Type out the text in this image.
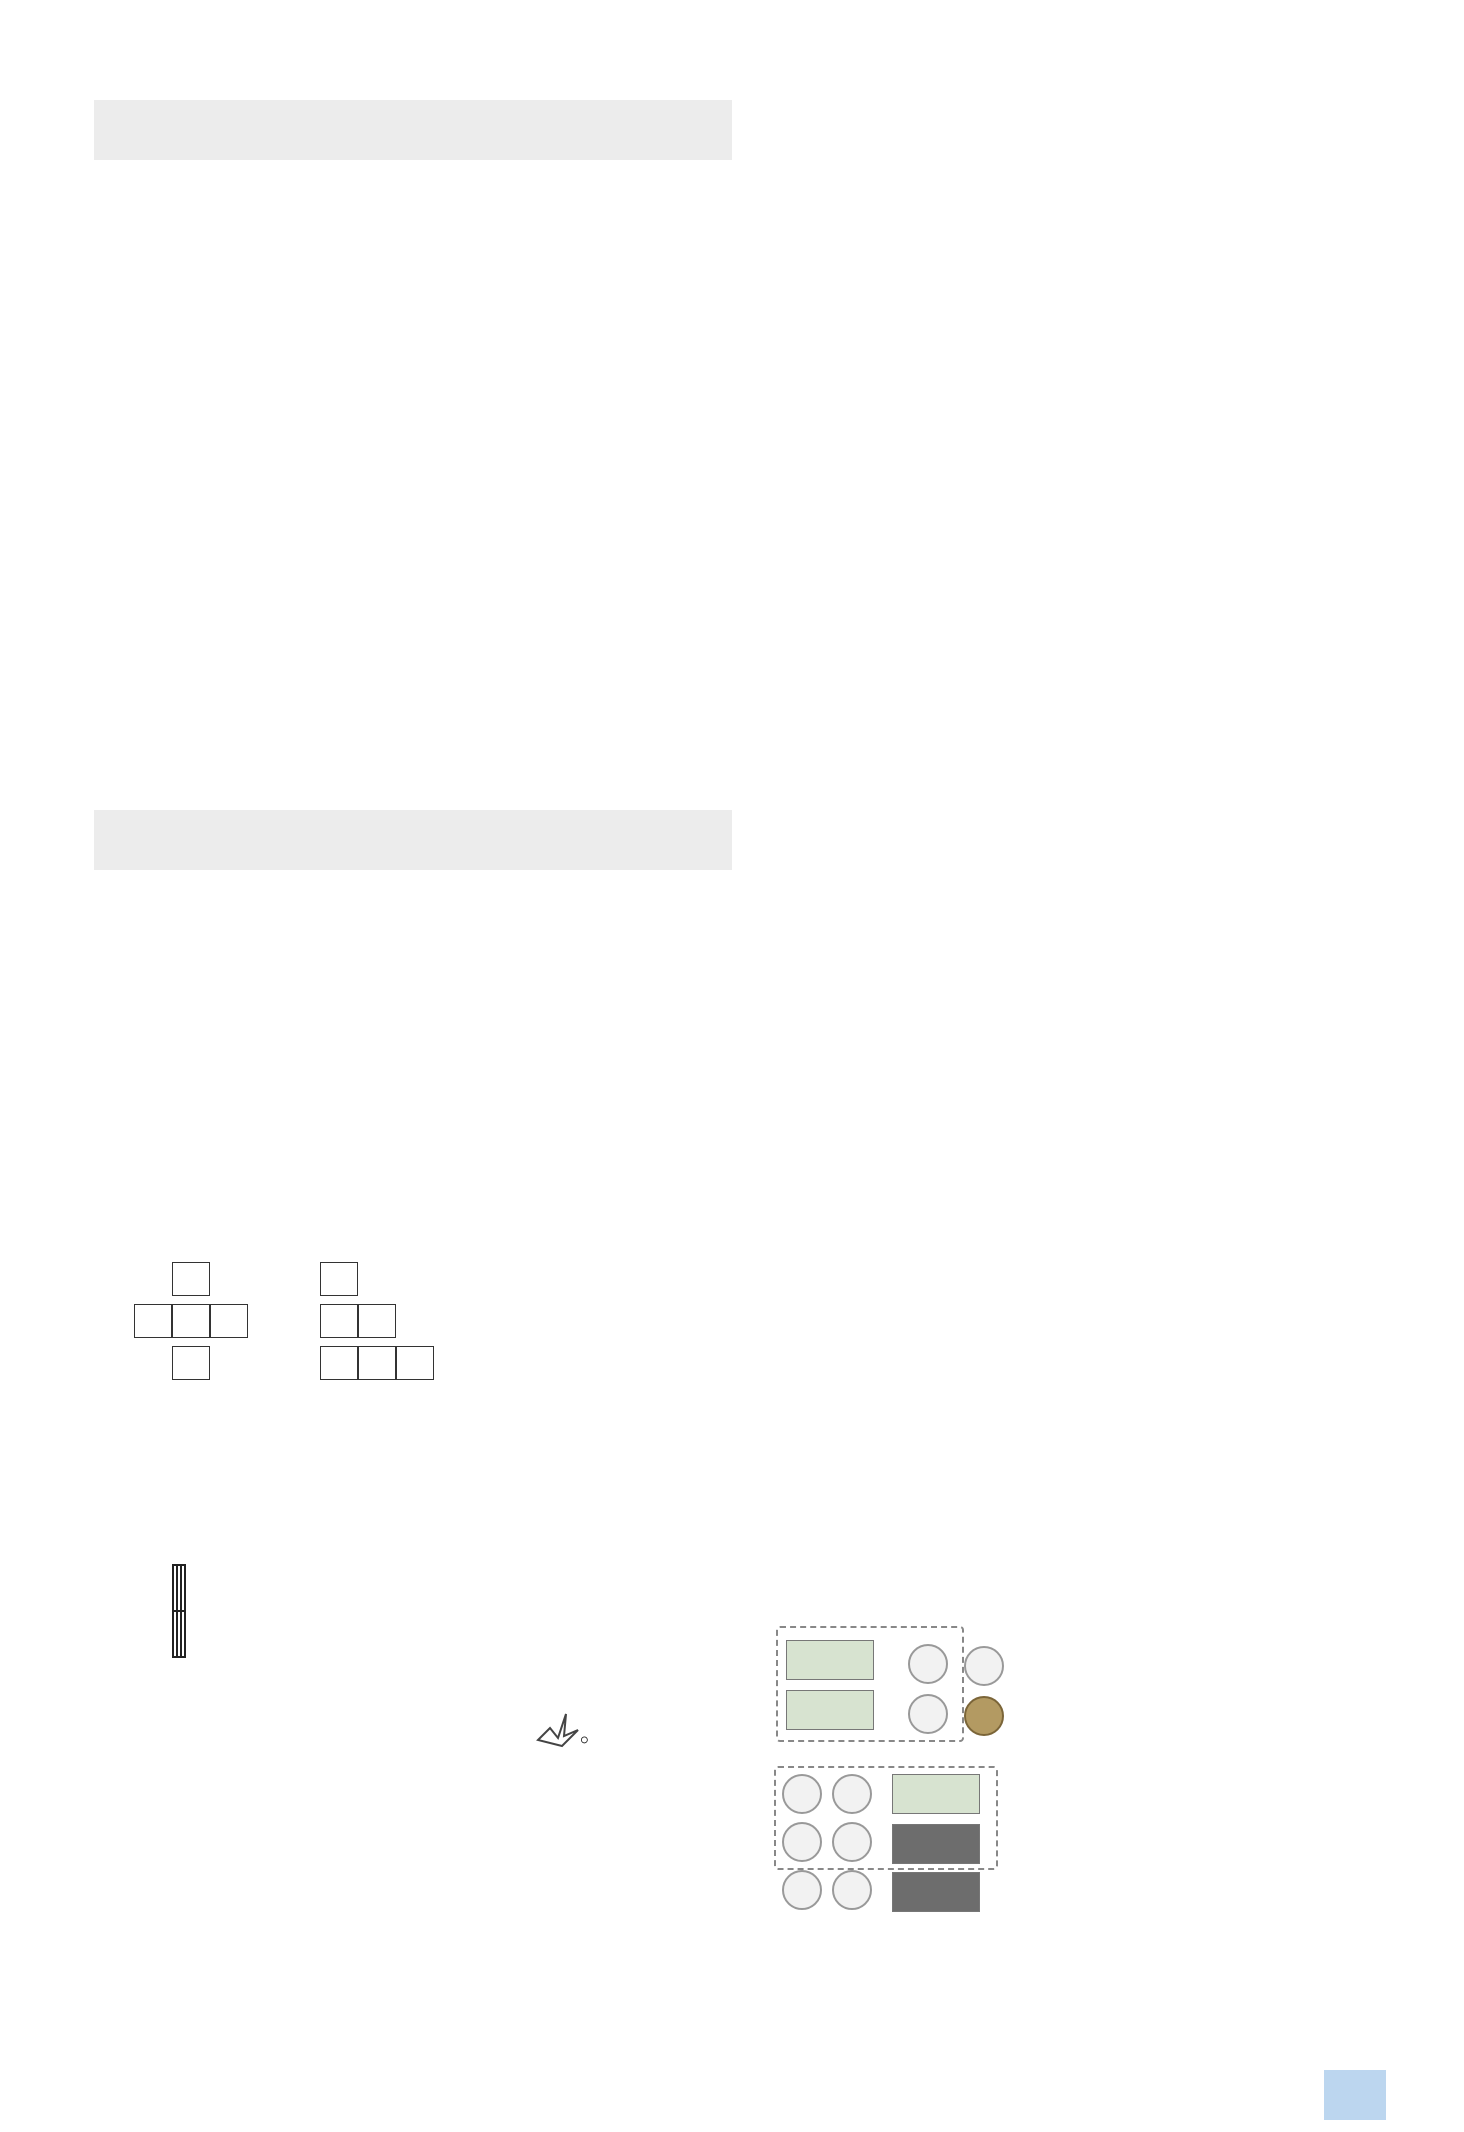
。
